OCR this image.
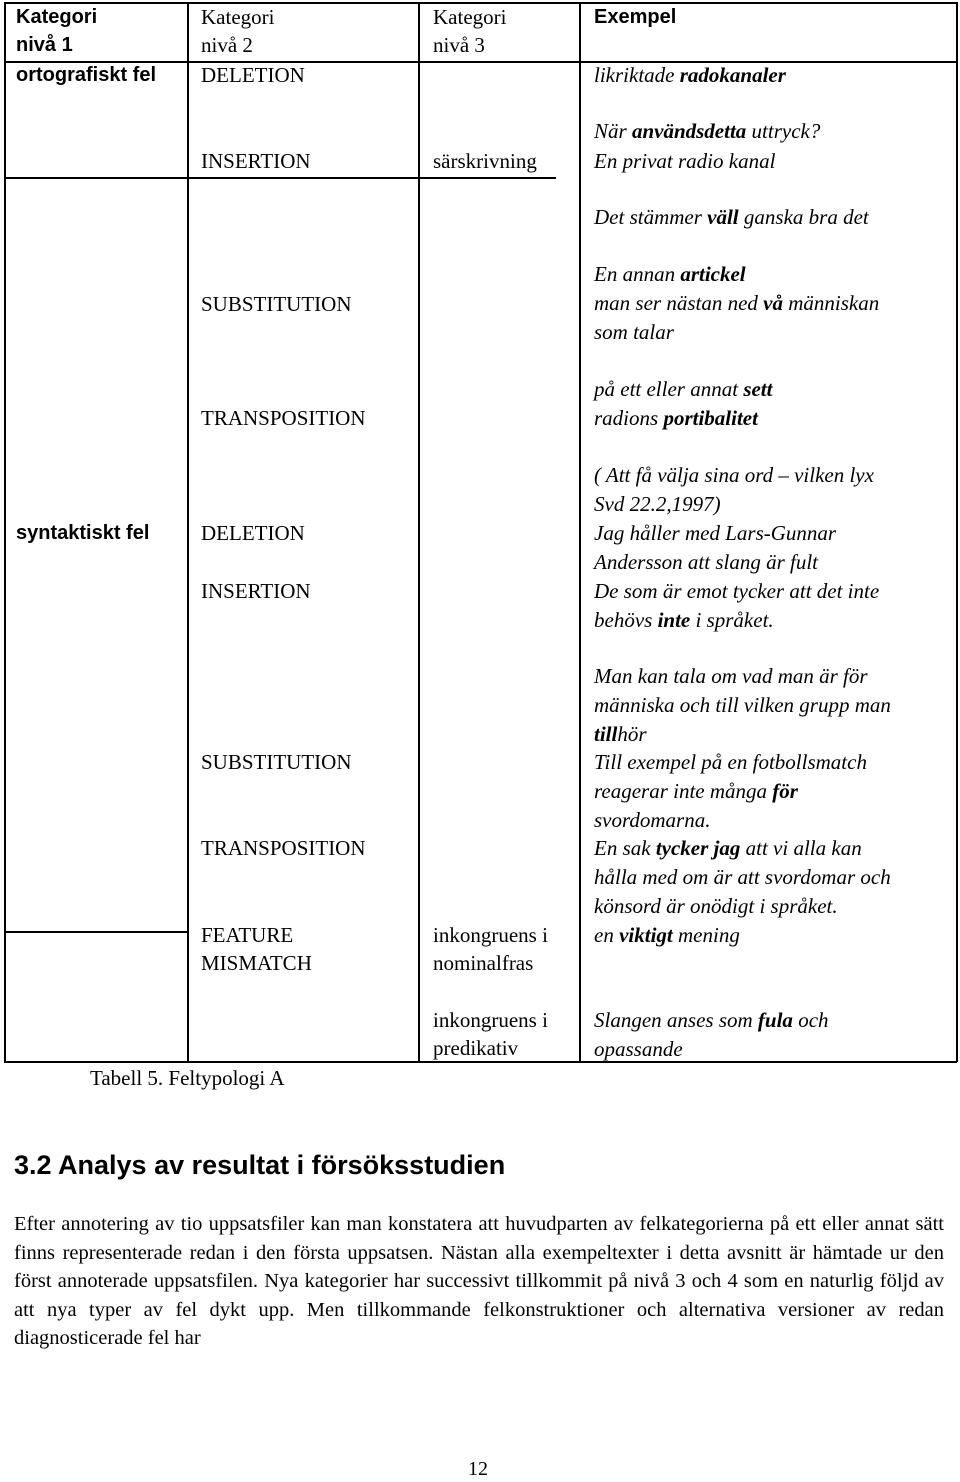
Kategori
nivå 1
Kategori
nivå 2
Kategori
nivå 3
Exempel
ortografiskt fel
syntaktiskt fel
DELETION
INSERTION
SUBSTITUTION
TRANSPOSITION
DELETION
INSERTION
SUBSTITUTION
TRANSPOSITION
FEATURE
MISMATCH
särskrivning
inkongruens i
nominalfras
inkongruens i
predikativ
likriktade radokanaler
När användsdetta uttryck?
En privat radio kanal
Det stämmer väll ganska bra det
En annan artickel
man ser nästan ned vå människan
som talar
på ett eller annat sett
radions portibalitet
( Att få välja sina ord – vilken lyx
Svd 22.2,1997)
Jag håller med Lars-Gunnar
Andersson att slang är fult
De som är emot tycker att det inte
behövs inte i språket.
Man kan tala om vad man är för
människa och till vilken grupp man
tillhör
Till exempel på en fotbollsmatch
reagerar inte många för
svordomarna.
En sak tycker jag att vi alla kan
hålla med om är att svordomar och
könsord är onödigt i språket.
en viktigt mening
Slangen anses som fula och
opassande
Tabell 5. Feltypologi A
3.2 Analys av resultat i försöksstudien
Efter annotering av tio uppsatsfiler kan man konstatera att huvudparten av felkategorierna på ett eller annat sätt finns representerade redan i den första uppsatsen. Nästan alla exempeltexter i detta avsnitt är hämtade ur den först annoterade uppsatsfilen. Nya kategorier har successivt tillkommit på nivå 3 och 4 som en naturlig följd av att nya typer av fel dykt upp. Men tillkommande felkonstruktioner och alternativa versioner av redan diagnosticerade fel har
12
